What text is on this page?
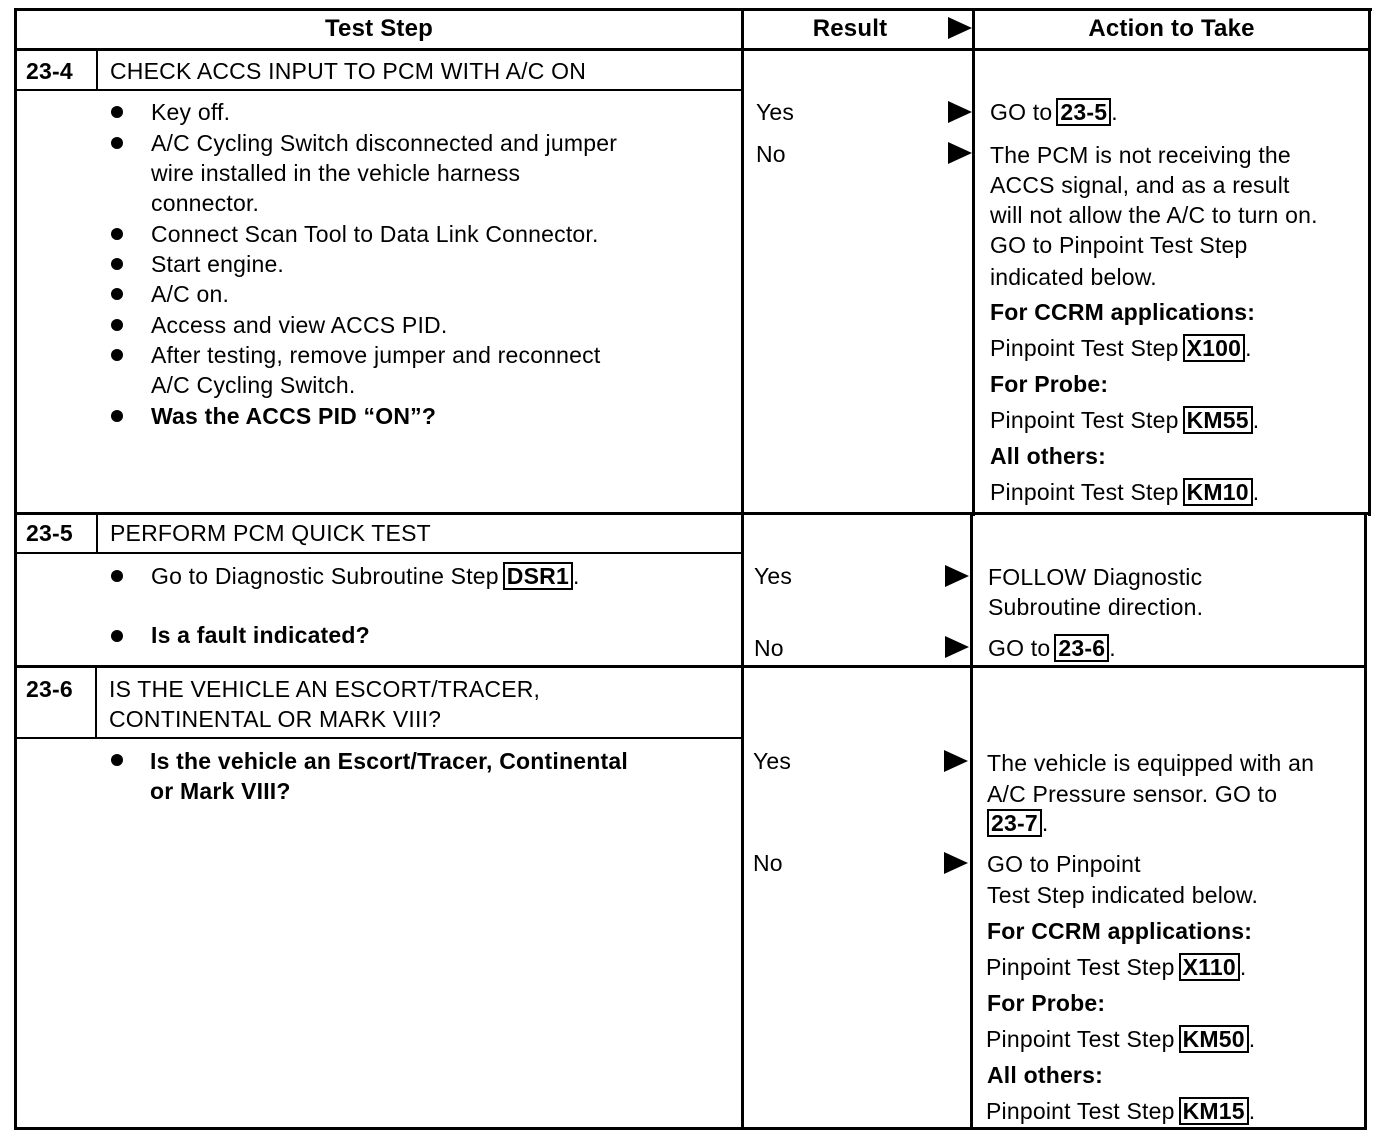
Test Step	Result	Action to Take
23-4 CHECK ACCS INPUT TO PCM WITH A/C ON
Key off.
A/C Cycling Switch disconnected and jumper
wire installed in the vehicle harness
connector.
Connect Scan Tool to Data Link Connector.
Start engine.
A/C on.
Access and view ACCS PID.
After testing, remove jumper and reconnect
A/C Cycling Switch.
Was the ACCS PID “ON”?
Yes
No
GO to 23-5 .
The PCM is not receiving the
ACCS signal, and as a result
will not allow the A/C to turn on.
GO to Pinpoint Test Step
indicated below.
For CCRM applications:
Pinpoint Test Step X100 .
For Probe:
Pinpoint Test Step KM55 .
All others:
Pinpoint Test Step KM10 .
23-5 PERFORM PCM QUICK TEST
Go to Diagnostic Subroutine Step DSR1 .
Is a fault indicated?
Yes
No
FOLLOW Diagnostic
Subroutine direction.
GO to 23-6 .
23-6 IS THE VEHICLE AN ESCORT/TRACER,
CONTINENTAL OR MARK VIII?
Is the vehicle an Escort/Tracer, Continental
or Mark VIII?
Yes
No
The vehicle is equipped with an
A/C Pressure sensor. GO to
23-7 .
GO to Pinpoint
Test Step indicated below.
For CCRM applications:
Pinpoint Test Step X110 .
For Probe:
Pinpoint Test Step KM50 .
All others:
Pinpoint Test Step KM15 .
